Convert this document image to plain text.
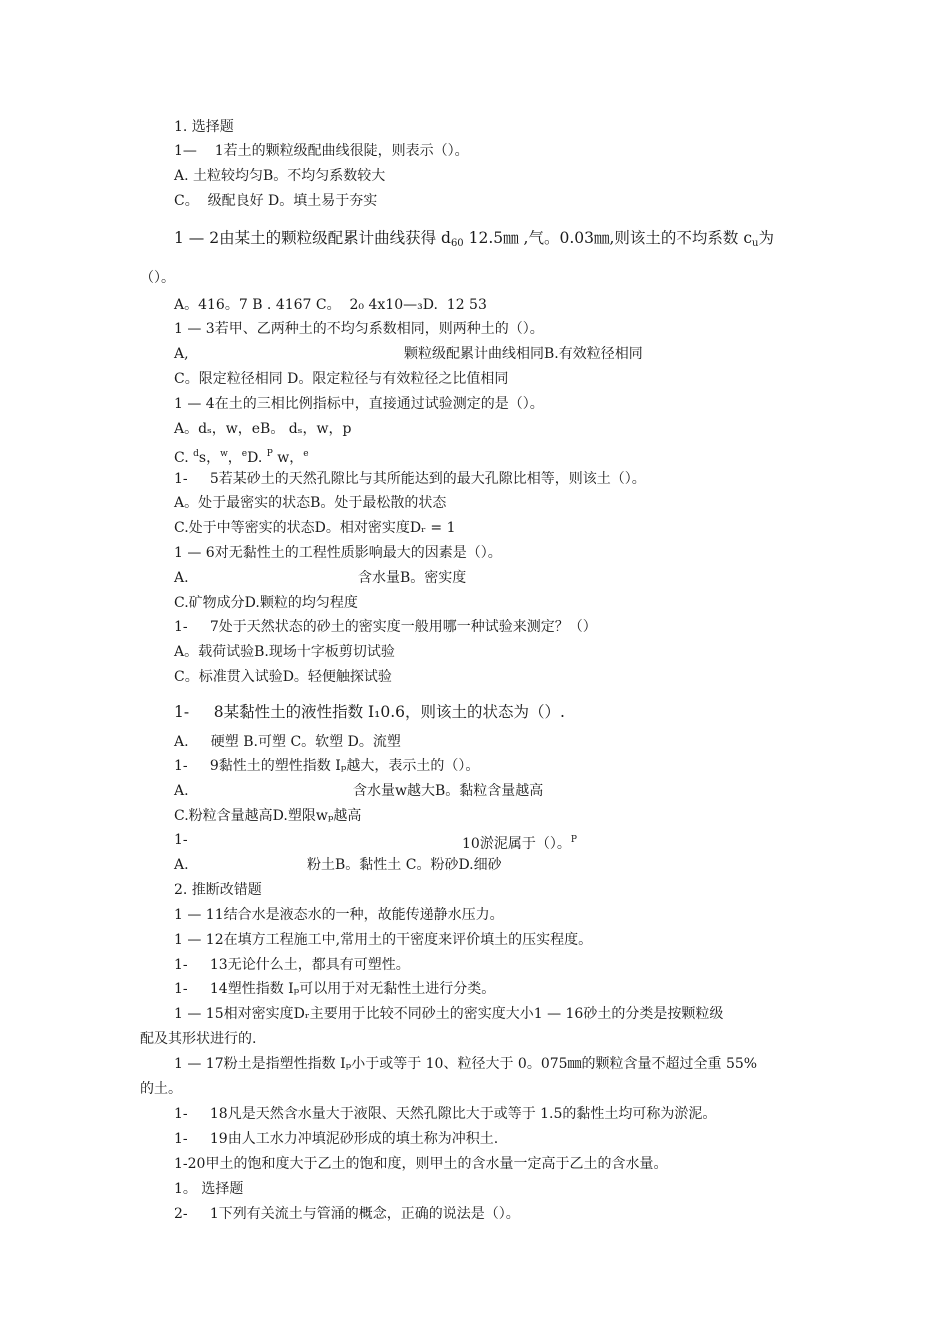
1. 选择题
1—    1若土的颗粒级配曲线很陡，则表示（）。
A. 土粒较均匀B。不均匀系数较大
C。  级配良好 D。填土易于夯实
1 — 2由某土的颗粒级配累计曲线获得 $d_{60}$ 12.5㎜ ,气。0.03㎜,则该土的不均系数 $c_u$为
（）。
A。416。7 B . 4167 C。  2₀ 4x10—₃D.  12 53
1 — 3若甲、乙两种土的不均匀系数相同，则两种土的（）。
A,	颗粒级配累计曲线相同B.有效粒径相同
C。限定粒径相同 D。限定粒径与有效粒径之比值相同
1 — 4在土的三相比例指标中，直接通过试验测定的是（）。
A。dₛ，w，eB。 dₛ，w，p
C. $^d$s，$^w$，$^e$D. $^P$ w，$^e$
1-     5若某砂土的天然孔隙比与其所能达到的最大孔隙比相等，则该土（）。
A。处于最密实的状态B。处于最松散的状态
C.处于中等密实的状态D。相对密实度Dᵣ = 1
1 — 6对无黏性土的工程性质影响最大的因素是（）。
A.	含水量B。密实度
C.矿物成分D.颗粒的均匀程度
1-     7处于天然状态的砂土的密实度一般用哪一种试验来测定？（）
A。载荷试验B.现场十字板剪切试验
C。标准贯入试验D。轻便触探试验
1-     8某黏性土的液性指数 I₁0.6，则该土的状态为（）.
A.     硬塑 B.可塑 C。软塑 D。流塑
1-     9黏性土的塑性指数 Iₚ越大，表示土的（）。
A.	含水量w越大B。黏粒含量越高
C.粉粒含量越高D.塑限wₚ越高
1-	10淤泥属于（）。$^P$
A.	粉土B。黏性土 C。粉砂D.细砂
2. 推断改错题
1 — 11结合水是液态水的一种，故能传递静水压力。
1 — 12在填方工程施工中,常用土的干密度来评价填土的压实程度。
1-     13无论什么土，都具有可塑性。
1-     14塑性指数 Iₚ可以用于对无黏性土进行分类。
1 — 15相对密实度Dᵣ主要用于比较不同砂土的密实度大小1 — 16砂土的分类是按颗粒级
配及其形状进行的.
1 — 17粉土是指塑性指数 Iₚ小于或等于 10、粒径大于 0。075㎜的颗粒含量不超过全重 55%
的土。
1-     18凡是天然含水量大于液限、天然孔隙比大于或等于 1.5的黏性土均可称为淤泥。
1-     19由人工水力冲填泥砂形成的填土称为冲积土.
1-20甲土的饱和度大于乙土的饱和度，则甲土的含水量一定高于乙土的含水量。
1。 选择题
2-     1下列有关流土与管涌的概念，正确的说法是（）。
